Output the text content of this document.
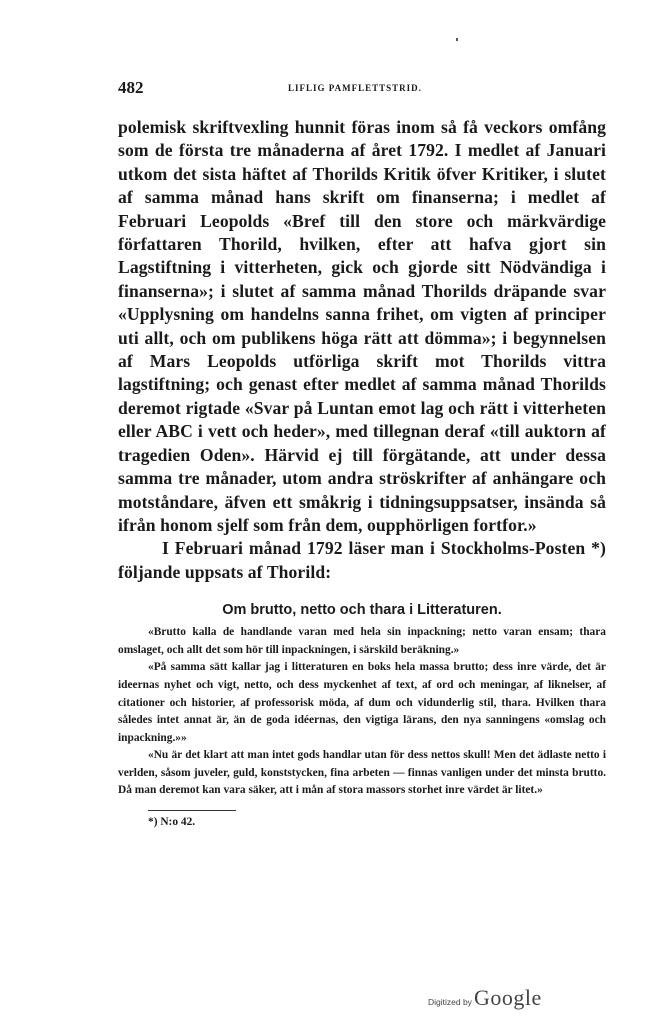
482	LIFLIG PAMFLETTSTRID.

polemisk skriftvexling hunnit föras inom så få veckors omfång som de första tre månaderna af året 1792. I medlet af Januari utkom det sista häftet af Thorilds Kritik öfver Kritiker, i slutet af samma månad hans skrift om finanserna; i medlet af Februari Leopolds «Bref till den store och märkvärdige författaren Thorild, hvilken, efter att hafva gjort sin Lagstiftning i vitterheten, gick och gjorde sitt Nödvändiga i finanserna»; i slutet af samma månad Thorilds dräpande svar «Upplysning om handelns sanna frihet, om vigten af principer uti allt, och om publikens höga rätt att dömma»; i begynnelsen af Mars Leopolds utförliga skrift mot Thorilds vittra lagstiftning; och genast efter medlet af samma månad Thorilds deremot rigtade «Svar på Luntan emot lag och rätt i vitterheten eller ABC i vett och heder», med tillegnan deraf «till auktorn af tragedien Oden». Härvid ej till förgätande, att under dessa samma tre månader, utom andra ströskrifter af anhängare och motståndare, äfven ett småkrig i tidningsuppsatser, insända så ifrån honom sjelf som från dem, oupphörligen fortfor.»

I Februari månad 1792 läser man i Stockholms-Posten *) följande uppsats af Thorild:

Om brutto, netto och thara i Litteraturen.

«Brutto kalla de handlande varan med hela sin inpackning; netto varan ensam; thara omslaget, och allt det som hör till inpackningen, i särskild beräkning.»

«På samma sätt kallar jag i litteraturen en boks hela massa brutto; dess inre värde, det är ideernas nyhet och vigt, netto, och dess myckenhet af text, af ord och meningar, af liknelser, af citationer och historier, af professorisk möda, af dum och vidunderlig stil, thara. Hvilken thara således intet annat är, än de goda idéernas, den vigtiga lärans, den nya sanningens «omslag och inpackning.»»

«Nu är det klart att man intet gods handlar utan för dess nettos skull! Men det ädlaste netto i verlden, såsom juveler, guld, konststycken, fina arbeten — finnas vanligen under det minsta brutto. Då man deremot kan vara säker, att i mån af stora massors storhet inre värdet är litet.»

*) N:o 42.
Digitized by Google
